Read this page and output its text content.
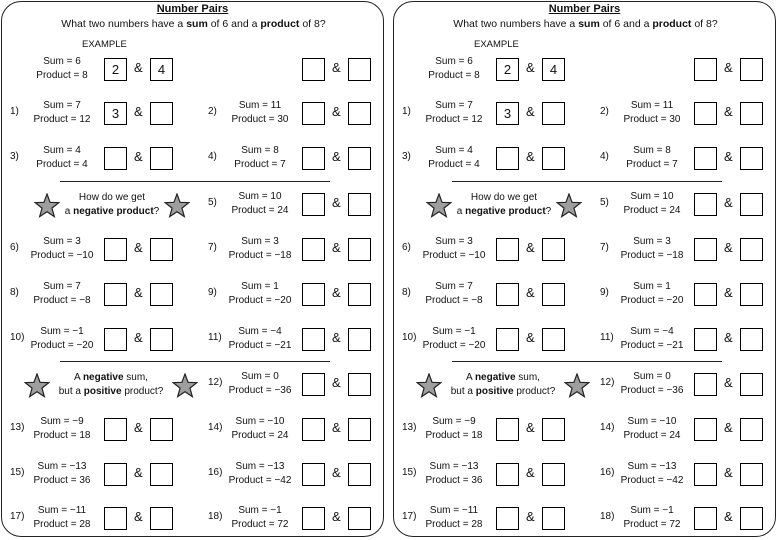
Number Pairs
What two numbers have a sum of 6 and a product of 8?
EXAMPLE
Sum = 6
Product = 8	2	&	4	&
1)
Sum = 7
Product = 12	3	&	2)
Sum = 11
Product = 30
&
3)
Sum = 4
Product = 4
&	4)
Sum = 8
Product = 7
&
How do we get
a negative product?
5)
Sum = 10
Product = 24
&
6)
Sum = 3
Product = −10
&	7)
Sum = 3
Product = −18
&
8)
Sum = 7
Product = −8
&	9)
Sum = 1
Product = −20
&
10)
Sum = −1
Product = −20
&	11)
Sum = −4
Product = −21
&
A negative sum,
but a positive product?
12)
Sum = 0
Product = −36
&
13)
Sum = −9
Product = 18
&	14)
Sum = −10
Product = 24
&
15)
Sum = −13
Product = 36
&	16)
Sum = −13
Product = −42
&
17)
Sum = −11
Product = 28
&	18)
Sum = −1
Product = 72
&
Number Pairs
What two numbers have a sum of 6 and a product of 8?
EXAMPLE
Sum = 6
Product = 8	2	&	4	&
1)
Sum = 7
Product = 12	3	&	2)
Sum = 11
Product = 30
&
3)
Sum = 4
Product = 4
&	4)
Sum = 8
Product = 7
&
How do we get
a negative product?
5)
Sum = 10
Product = 24
&
6)
Sum = 3
Product = −10
&	7)
Sum = 3
Product = −18
&
8)
Sum = 7
Product = −8
&	9)
Sum = 1
Product = −20
&
10)
Sum = −1
Product = −20
&	11)
Sum = −4
Product = −21
&
A negative sum,
but a positive product?
12)
Sum = 0
Product = −36
&
13)
Sum = −9
Product = 18
&	14)
Sum = −10
Product = 24
&
15)
Sum = −13
Product = 36
&	16)
Sum = −13
Product = −42
&
17)
Sum = −11
Product = 28
&	18)
Sum = −1
Product = 72
&
